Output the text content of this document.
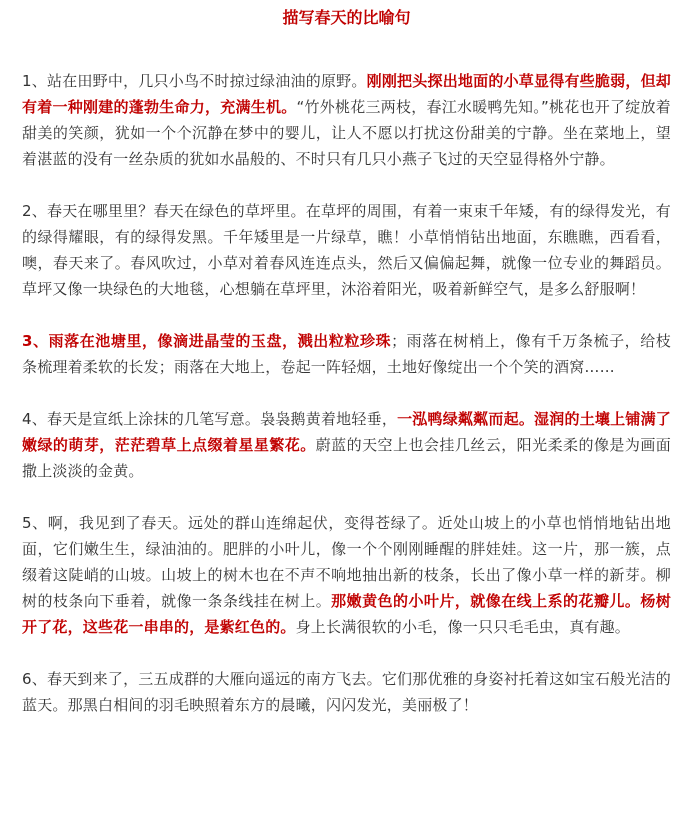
描写春天的比喻句

1、站在田野中，几只小鸟不时掠过绿油油的原野。刚刚把头探出地面的小草显得有些脆弱，但却有着一种刚建的蓬勃生命力，充满生机。“竹外桃花三两枝，春江水暖鸭先知。”桃花也开了绽放着甜美的笑颜，犹如一个个沉静在梦中的婴儿，让人不愿以打扰这份甜美的宁静。坐在菜地上，望着湛蓝的没有一丝杂质的犹如水晶般的、不时只有几只小燕子飞过的天空显得格外宁静。

2、春天在哪里里？春天在绿色的草坪里。在草坪的周围，有着一束束千年矮，有的绿得发光，有的绿得耀眼，有的绿得发黑。千年矮里是一片绿草，瞧！小草悄悄钻出地面，东瞧瞧，西看看，噢，春天来了。春风吹过，小草对着春风连连点头，然后又偏偏起舞，就像一位专业的舞蹈员。草坪又像一块绿色的大地毯，心想躺在草坪里，沐浴着阳光，吸着新鲜空气，是多么舒服啊！

3、雨落在池塘里，像滴进晶莹的玉盘，溅出粒粒珍珠；雨落在树梢上，像有千万条梳子，给枝条梳理着柔软的长发；雨落在大地上，卷起一阵轻烟，土地好像绽出一个个笑的酒窝……

4、春天是宣纸上涂抹的几笔写意。袅袅鹅黄着地轻垂，一泓鸭绿粼粼而起。湿润的土壤上铺满了嫩绿的萌芽，茫茫碧草上点缀着星星繁花。蔚蓝的天空上也会挂几丝云，阳光柔柔的像是为画面撒上淡淡的金黄。

5、啊，我见到了春天。远处的群山连绵起伏，变得苍绿了。近处山坡上的小草也悄悄地钻出地面，它们嫩生生，绿油油的。肥胖的小叶儿，像一个个刚刚睡醒的胖娃娃。这一片，那一簇，点缀着这陡峭的山坡。山坡上的树木也在不声不响地抽出新的枝条，长出了像小草一样的新芽。柳树的枝条向下垂着，就像一条条线挂在树上。那嫩黄色的小叶片，就像在线上系的花瓣儿。杨树开了花，这些花一串串的，是紫红色的。身上长满很软的小毛，像一只只毛毛虫，真有趣。

6、春天到来了，三五成群的大雁向遥远的南方飞去。它们那优雅的身姿衬托着这如宝石般光洁的蓝天。那黑白相间的羽毛映照着东方的晨曦，闪闪发光，美丽极了！
